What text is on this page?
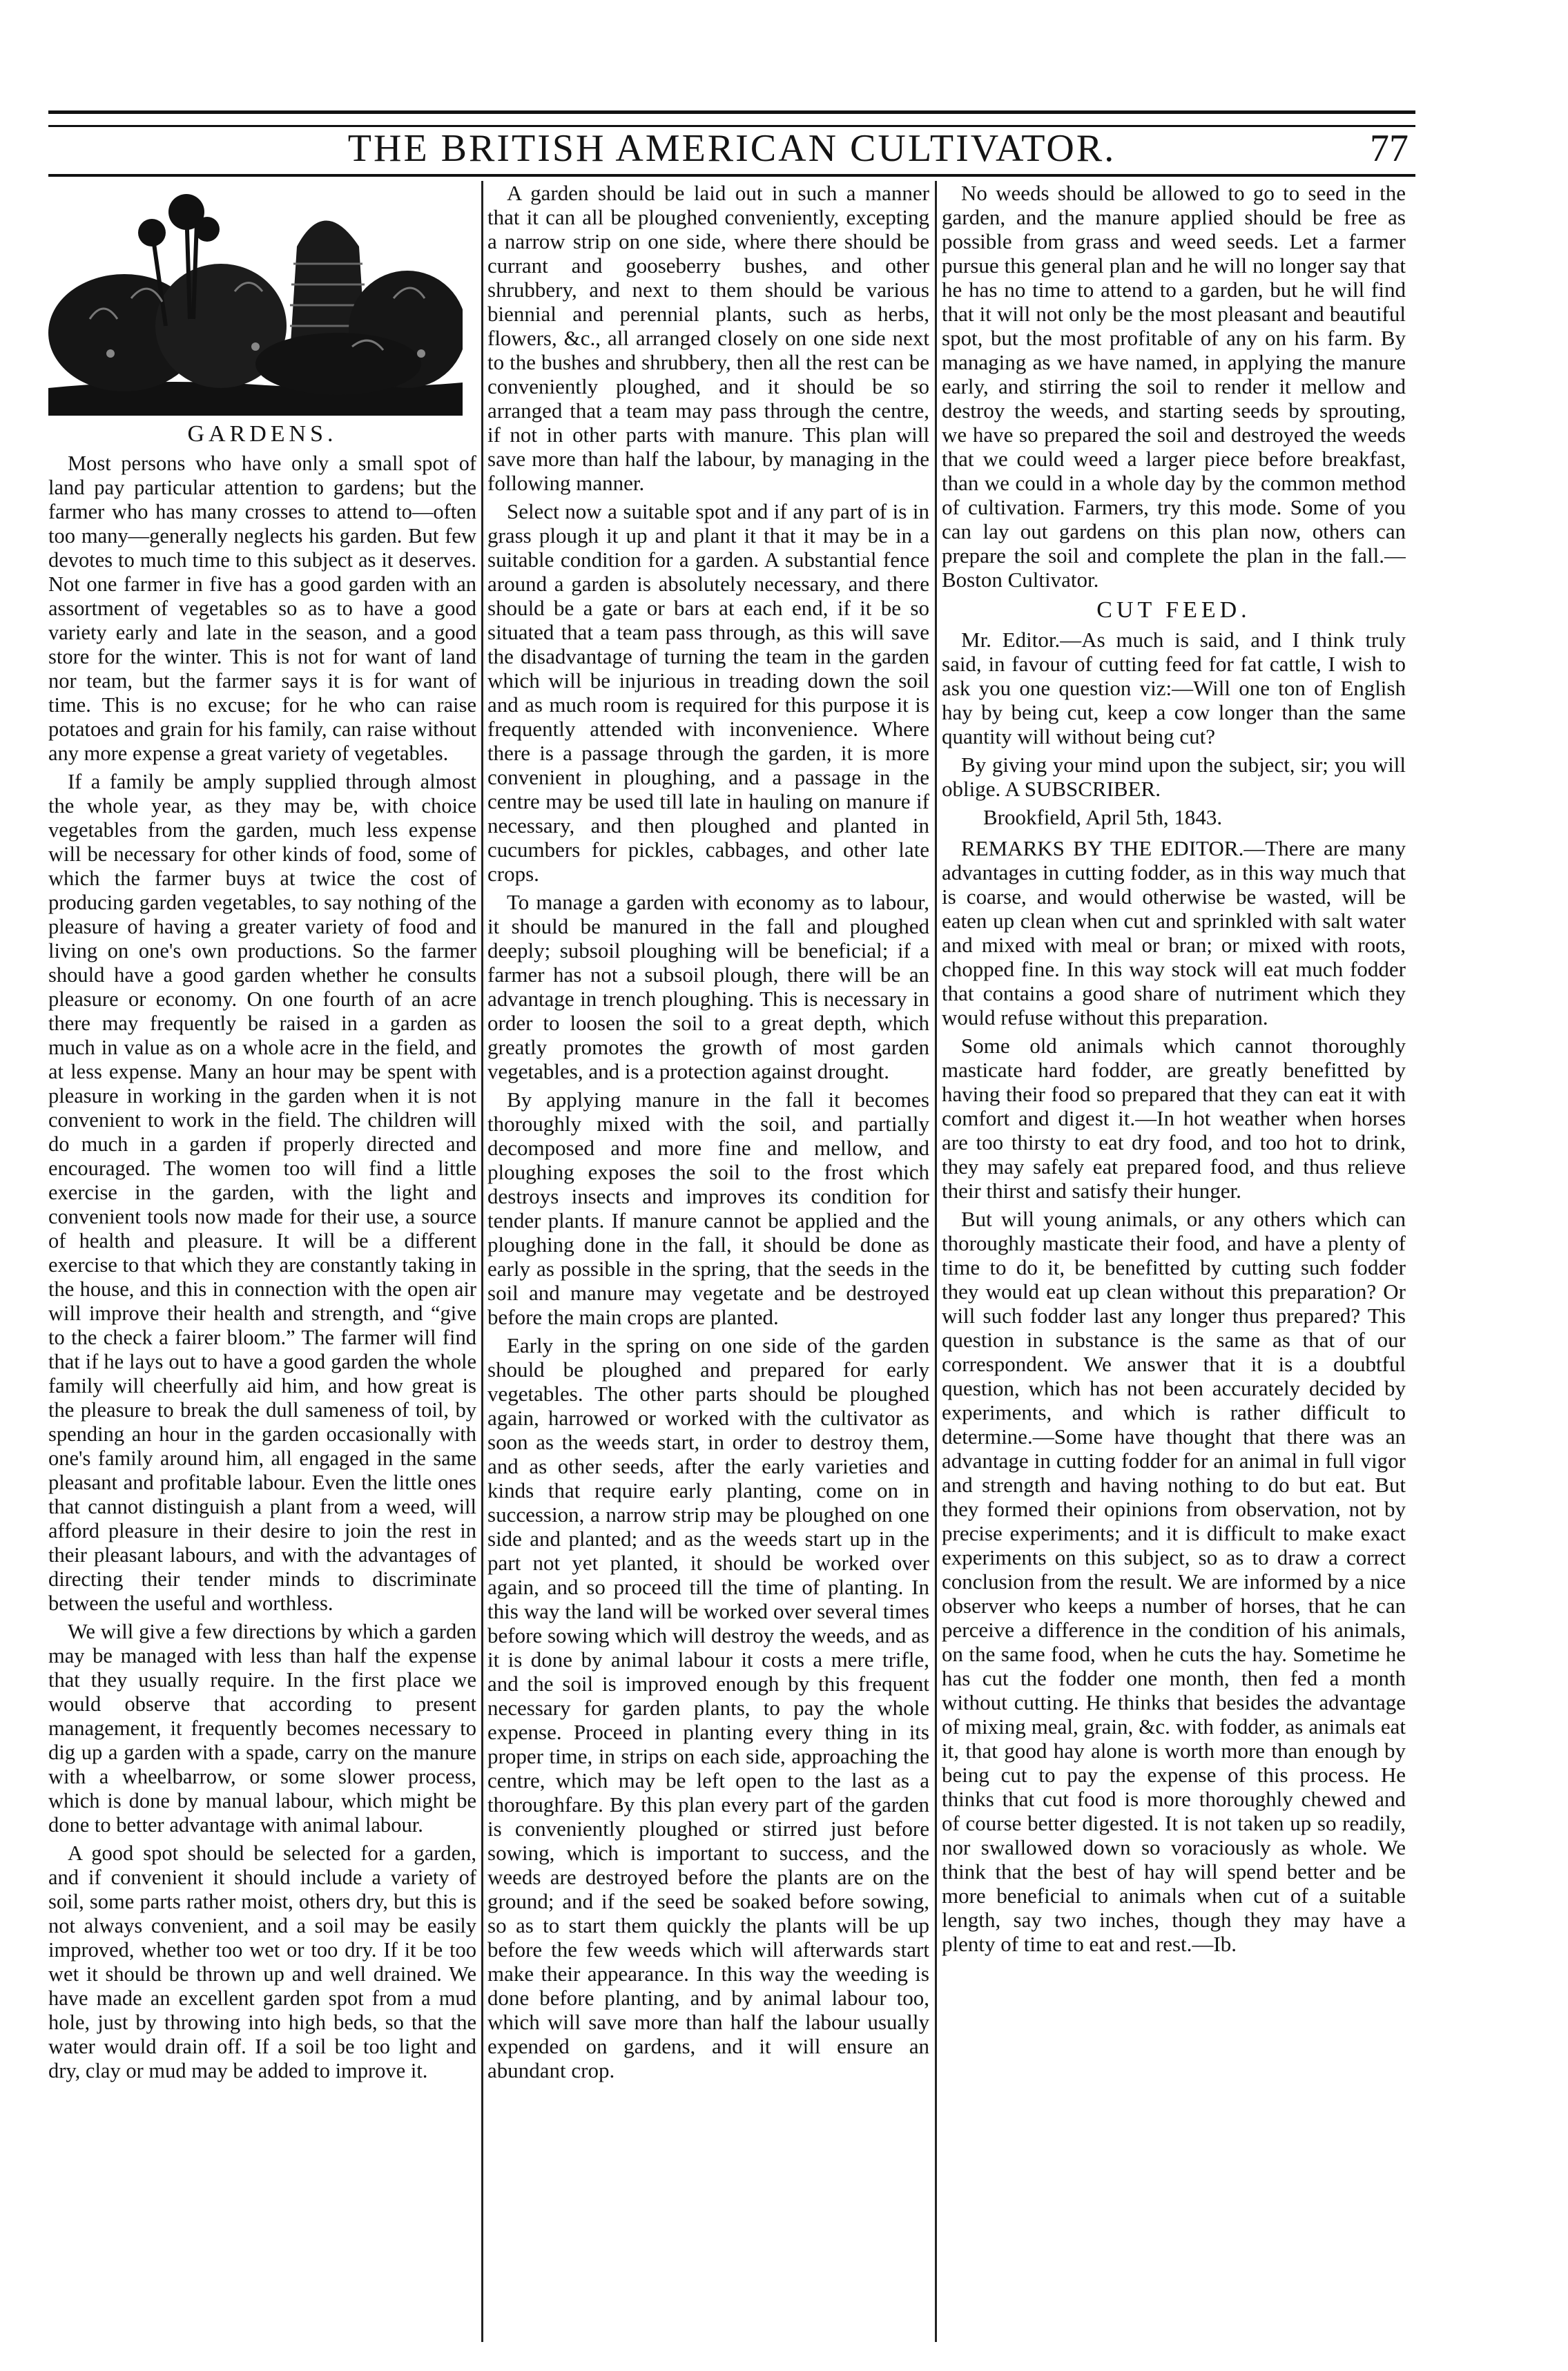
THE BRITISH AMERICAN CULTIVATOR.	77
GARDENS.

Most persons who have only a small spot of land pay particular attention to gardens; but the farmer who has many crosses to attend to—often too many—generally neglects his garden. But few devotes to much time to this subject as it deserves. Not one farmer in five has a good garden with an assortment of vegetables so as to have a good variety early and late in the season, and a good store for the winter. This is not for want of land nor team, but the farmer says it is for want of time. This is no excuse; for he who can raise potatoes and grain for his family, can raise without any more expense a great variety of vegetables.

If a family be amply supplied through almost the whole year, as they may be, with choice vegetables from the garden, much less expense will be necessary for other kinds of food, some of which the farmer buys at twice the cost of producing garden vegetables, to say nothing of the pleasure of having a greater variety of food and living on one's own productions. So the farmer should have a good garden whether he consults pleasure or economy. On one fourth of an acre there may frequently be raised in a garden as much in value as on a whole acre in the field, and at less expense. Many an hour may be spent with pleasure in working in the garden when it is not convenient to work in the field. The children will do much in a garden if properly directed and encouraged. The women too will find a little exercise in the garden, with the light and convenient tools now made for their use, a source of health and pleasure. It will be a different exercise to that which they are constantly taking in the house, and this in connection with the open air will improve their health and strength, and “give to the check a fairer bloom.” The farmer will find that if he lays out to have a good garden the whole family will cheerfully aid him, and how great is the pleasure to break the dull sameness of toil, by spending an hour in the garden occasionally with one's family around him, all engaged in the same pleasant and profitable labour. Even the little ones that cannot distinguish a plant from a weed, will afford pleasure in their desire to join the rest in their pleasant labours, and with the advantages of directing their tender minds to discriminate between the useful and worthless.

We will give a few directions by which a garden may be managed with less than half the expense that they usually require. In the first place we would observe that according to present management, it frequently becomes necessary to dig up a garden with a spade, carry on the manure with a wheelbarrow, or some slower process, which is done by manual labour, which might be done to better advantage with animal labour.

A good spot should be selected for a garden, and if convenient it should include a variety of soil, some parts rather moist, others dry, but this is not always convenient, and a soil may be easily improved, whether too wet or too dry. If it be too wet it should be thrown up and well drained. We have made an excellent garden spot from a mud hole, just by throwing into high beds, so that the water would drain off. If a soil be too light and dry, clay or mud may be added to improve it.

A garden should be laid out in such a manner that it can all be ploughed conveniently, excepting a narrow strip on one side, where there should be currant and gooseberry bushes, and other shrubbery, and next to them should be various biennial and perennial plants, such as herbs, flowers, &c., all arranged closely on one side next to the bushes and shrubbery, then all the rest can be conveniently ploughed, and it should be so arranged that a team may pass through the centre, if not in other parts with manure. This plan will save more than half the labour, by managing in the following manner.

Select now a suitable spot and if any part of is in grass plough it up and plant it that it may be in a suitable condition for a garden. A substantial fence around a garden is absolutely necessary, and there should be a gate or bars at each end, if it be so situated that a team pass through, as this will save the disadvantage of turning the team in the garden which will be injurious in treading down the soil and as much room is required for this purpose it is frequently attended with inconvenience. Where there is a passage through the garden, it is more convenient in ploughing, and a passage in the centre may be used till late in hauling on manure if necessary, and then ploughed and planted in cucumbers for pickles, cabbages, and other late crops.

To manage a garden with economy as to labour, it should be manured in the fall and ploughed deeply; subsoil ploughing will be beneficial; if a farmer has not a subsoil plough, there will be an advantage in trench ploughing. This is necessary in order to loosen the soil to a great depth, which greatly promotes the growth of most garden vegetables, and is a protection against drought.

By applying manure in the fall it becomes thoroughly mixed with the soil, and partially decomposed and more fine and mellow, and ploughing exposes the soil to the frost which destroys insects and improves its condition for tender plants. If manure cannot be applied and the ploughing done in the fall, it should be done as early as possible in the spring, that the seeds in the soil and manure may vegetate and be destroyed before the main crops are planted.

Early in the spring on one side of the garden should be ploughed and prepared for early vegetables. The other parts should be ploughed again, harrowed or worked with the cultivator as soon as the weeds start, in order to destroy them, and as other seeds, after the early varieties and kinds that require early planting, come on in succession, a narrow strip may be ploughed on one side and planted; and as the weeds start up in the part not yet planted, it should be worked over again, and so proceed till the time of planting. In this way the land will be worked over several times before sowing which will destroy the weeds, and as it is done by animal labour it costs a mere trifle, and the soil is improved enough by this frequent necessary for garden plants, to pay the whole expense. Proceed in planting every thing in its proper time, in strips on each side, approaching the centre, which may be left open to the last as a thoroughfare. By this plan every part of the garden is conveniently ploughed or stirred just before sowing, which is important to success, and the weeds are destroyed before the plants are on the ground; and if the seed be soaked before sowing, so as to start them quickly the plants will be up before the few weeds which will afterwards start make their appearance. In this way the weeding is done before planting, and by animal labour too, which will save more than half the labour usually expended on gardens, and it will ensure an abundant crop.

No weeds should be allowed to go to seed in the garden, and the manure applied should be free as possible from grass and weed seeds. Let a farmer pursue this general plan and he will no longer say that he has no time to attend to a garden, but he will find that it will not only be the most pleasant and beautiful spot, but the most profitable of any on his farm. By managing as we have named, in applying the manure early, and stirring the soil to render it mellow and destroy the weeds, and starting seeds by sprouting, we have so prepared the soil and destroyed the weeds that we could weed a larger piece before breakfast, than we could in a whole day by the common method of cultivation. Farmers, try this mode. Some of you can lay out gardens on this plan now, others can prepare the soil and complete the plan in the fall.—Boston Cultivator.

CUT FEED.

Mr. Editor.—As much is said, and I think truly said, in favour of cutting feed for fat cattle, I wish to ask you one question viz:—Will one ton of English hay by being cut, keep a cow longer than the same quantity will without being cut?

By giving your mind upon the subject, sir; you will oblige. A SUBSCRIBER.

Brookfield, April 5th, 1843.

REMARKS BY THE EDITOR.—There are many advantages in cutting fodder, as in this way much that is coarse, and would otherwise be wasted, will be eaten up clean when cut and sprinkled with salt water and mixed with meal or bran; or mixed with roots, chopped fine. In this way stock will eat much fodder that contains a good share of nutriment which they would refuse without this preparation.

Some old animals which cannot thoroughly masticate hard fodder, are greatly benefitted by having their food so prepared that they can eat it with comfort and digest it.—In hot weather when horses are too thirsty to eat dry food, and too hot to drink, they may safely eat prepared food, and thus relieve their thirst and satisfy their hunger.

But will young animals, or any others which can thoroughly masticate their food, and have a plenty of time to do it, be benefitted by cutting such fodder they would eat up clean without this preparation? Or will such fodder last any longer thus prepared? This question in substance is the same as that of our correspondent. We answer that it is a doubtful question, which has not been accurately decided by experiments, and which is rather difficult to determine.—Some have thought that there was an advantage in cutting fodder for an animal in full vigor and strength and having nothing to do but eat. But they formed their opinions from observation, not by precise experiments; and it is difficult to make exact experiments on this subject, so as to draw a correct conclusion from the result. We are informed by a nice observer who keeps a number of horses, that he can perceive a difference in the condition of his animals, on the same food, when he cuts the hay. Sometime he has cut the fodder one month, then fed a month without cutting. He thinks that besides the advantage of mixing meal, grain, &c. with fodder, as animals eat it, that good hay alone is worth more than enough by being cut to pay the expense of this process. He thinks that cut food is more thoroughly chewed and of course better digested. It is not taken up so readily, nor swallowed down so voraciously as whole. We think that the best of hay will spend better and be more beneficial to animals when cut of a suitable length, say two inches, though they may have a plenty of time to eat and rest.—Ib.
